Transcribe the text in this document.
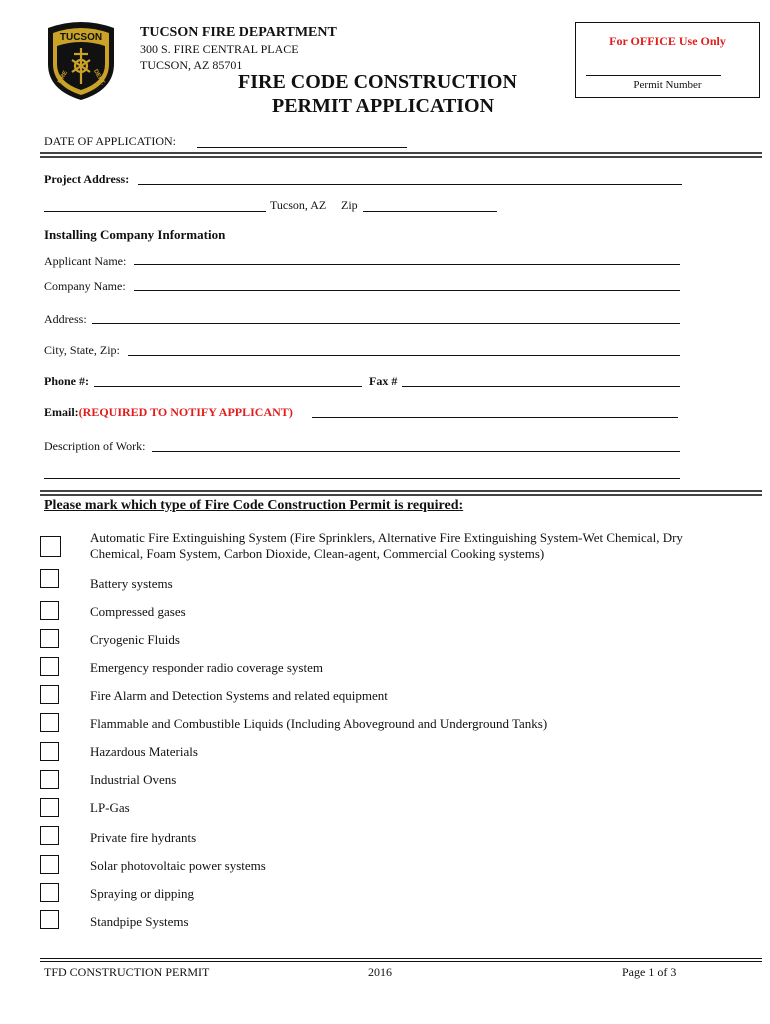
TUCSON
FIRE	DEPT.
TUCSON FIRE DEPARTMENT
300 S. FIRE CENTRAL PLACE
TUCSON, AZ 85701
FIRE CODE CONSTRUCTION
PERMIT APPLICATION
For OFFICE Use Only
Permit Number
DATE OF APPLICATION:
Project Address:
Tucson, AZ Zip
Installing Company Information
Applicant Name:
Company Name:
Address:
City, State, Zip:
Phone #:	Fax #
Email:(REQUIRED TO NOTIFY APPLICANT)
Description of Work:
Please mark which type of Fire Code Construction Permit is required:
Automatic Fire Extinguishing System (Fire Sprinklers, Alternative Fire Extinguishing System-Wet Chemical, Dry Chemical, Foam System, Carbon Dioxide, Clean-agent, Commercial Cooking systems)
Battery systems
Compressed gases
Cryogenic Fluids
Emergency responder radio coverage system
Fire Alarm and Detection Systems and related equipment
Flammable and Combustible Liquids (Including Aboveground and Underground Tanks)
Hazardous Materials
Industrial Ovens
LP-Gas
Private fire hydrants
Solar photovoltaic power systems
Spraying or dipping
Standpipe Systems
TFD CONSTRUCTION PERMIT	2016	Page 1 of 3
